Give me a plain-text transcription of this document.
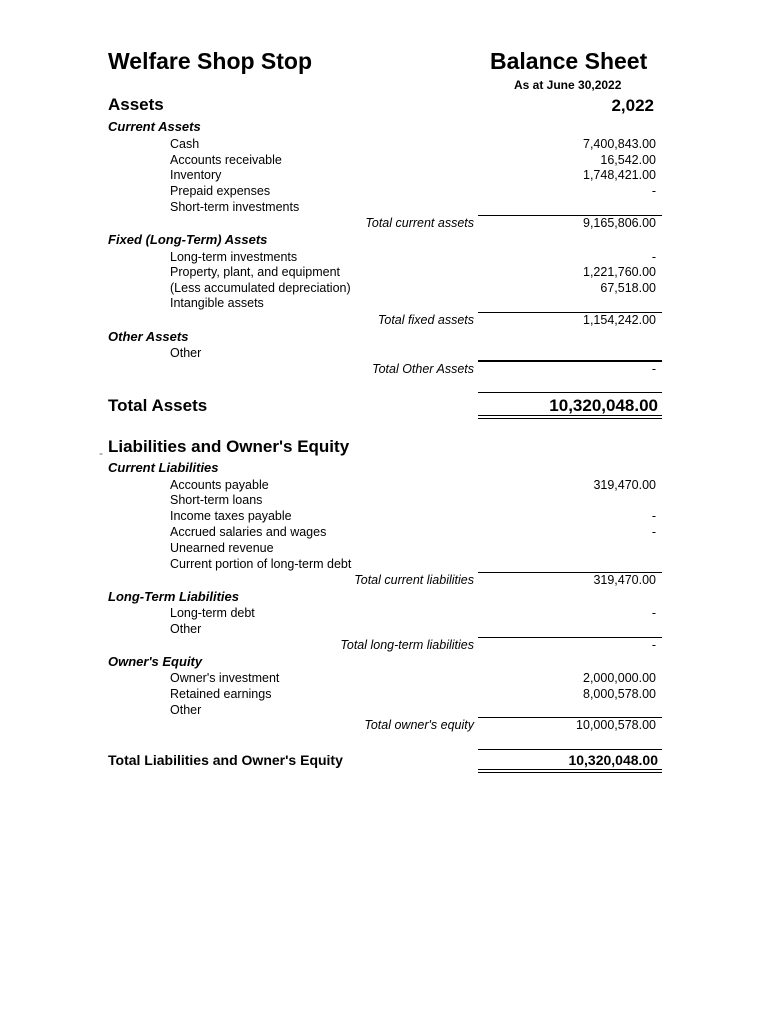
Welfare Shop Stop	Balance Sheet
As at June 30,2022
Assets	2,022
Current Assets
Cash	7,400,843.00
Accounts receivable	16,542.00
Inventory	1,748,421.00
Prepaid expenses	-
Short-term investments
Total current assets	9,165,806.00
Fixed (Long-Term) Assets
Long-term investments	-
Property, plant, and equipment	1,221,760.00
(Less accumulated depreciation)	67,518.00
Intangible assets
Total fixed assets	1,154,242.00
Other Assets
Other
Total Other Assets	-
Total Assets	10,320,048.00
- Liabilities and Owner's Equity
Current Liabilities
Accounts payable	319,470.00
Short-term loans
Income taxes payable	-
Accrued salaries and wages	-
Unearned revenue
Current portion of long-term debt
Total current liabilities	319,470.00
Long-Term Liabilities
Long-term debt	-
Other
Total long-term liabilities	-
Owner's Equity
Owner's investment	2,000,000.00
Retained earnings	8,000,578.00
Other
Total owner's equity	10,000,578.00
Total Liabilities and Owner's Equity	10,320,048.00
